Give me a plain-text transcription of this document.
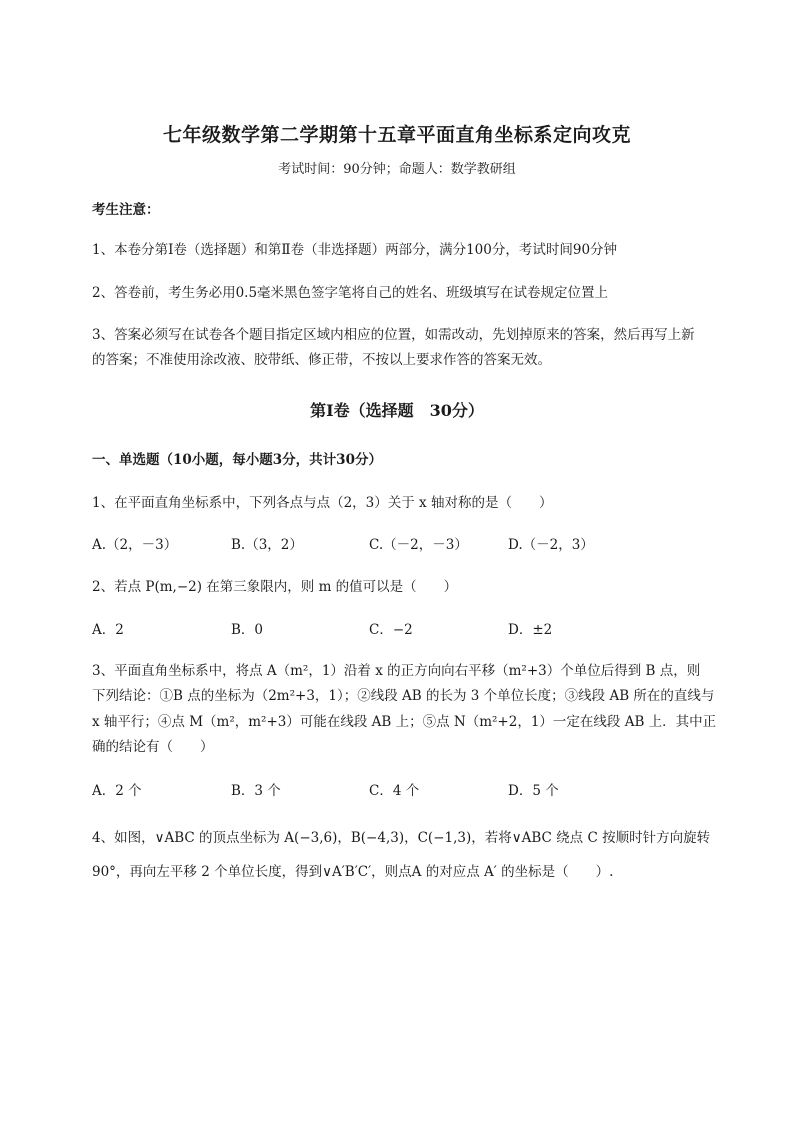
七年级数学第二学期第十五章平面直角坐标系定向攻克
考试时间：90分钟；命题人：数学教研组
考生注意：
1、本卷分第I卷（选择题）和第Ⅱ卷（非选择题）两部分，满分100分，考试时间90分钟
2、答卷前，考生务必用0.5毫米黑色签字笔将自己的姓名、班级填写在试卷规定位置上
3、答案必须写在试卷各个题目指定区域内相应的位置，如需改动，先划掉原来的答案，然后再写上新
的答案；不准使用涂改液、胶带纸、修正带，不按以上要求作答的答案无效。
第I卷（选择题　30分）
一、单选题（10小题，每小题3分，共计30分）
1、在平面直角坐标系中，下列各点与点（2，3）关于 x 轴对称的是（　　）
A.（2，－3）	B.（3，2）	C.（－2，－3）	D.（－2，3）
2、若点 P(m,−2) 在第三象限内，则 m 的值可以是（　　）
A．2	B．0	C．−2	D．±2
3、平面直角坐标系中，将点 A（m²，1）沿着 x 的正方向向右平移（m²+3）个单位后得到 B 点，则
下列结论：①B 点的坐标为（2m²+3，1）；②线段 AB 的长为 3 个单位长度；③线段 AB 所在的直线与
x 轴平行；④点 M（m²，m²+3）可能在线段 AB 上；⑤点 N（m²+2，1）一定在线段 AB 上．其中正
确的结论有（　　）
A．2 个	B．3 个	C．4 个	D．5 个
4、如图，∨ABC 的顶点坐标为 A(−3,6)，B(−4,3)，C(−1,3)，若将∨ABC 绕点 C 按顺时针方向旋转
90°，再向左平移 2 个单位长度，得到∨A′B′C′，则点A 的对应点 A′ 的坐标是（　　）.
